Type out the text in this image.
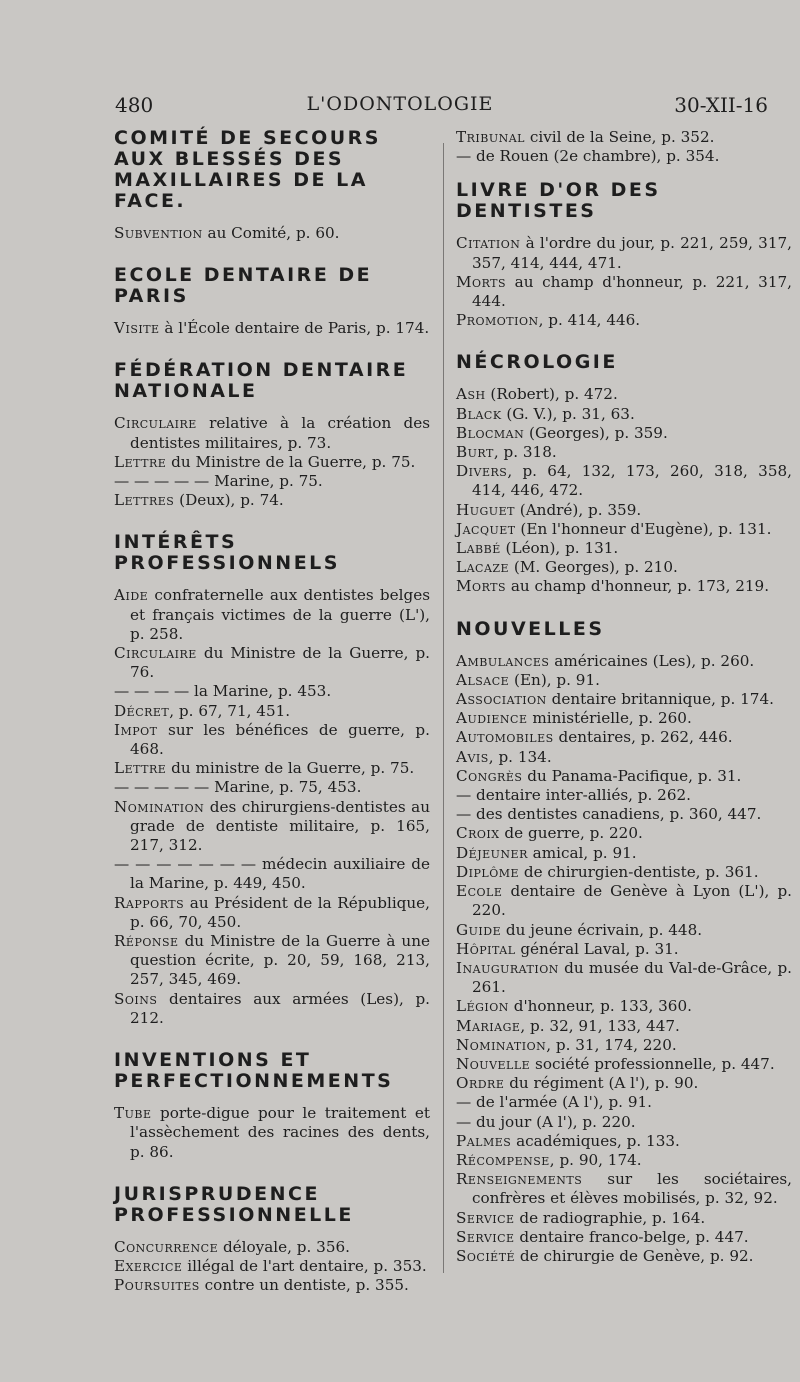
480	L'ODONTOLOGIE	30-XII-16
COMITÉ DE SECOURS AUX BLESSÉS DES MAXILLAIRES DE LA FACE.
Subvention au Comité, p. 60.
ECOLE DENTAIRE DE PARIS
Visite à l'École dentaire de Paris, p. 174.
FÉDÉRATION DENTAIRE NATIONALE
Circulaire relative à la création des dentistes militaires, p. 73.
Lettre du Ministre de la Guerre, p. 75.
— — — — — Marine, p. 75.
Lettres (Deux), p. 74.
INTÉRÊTS PROFESSIONNELS
Aide confraternelle aux dentistes belges et français victimes de la guerre (L'), p. 258.
Circulaire du Ministre de la Guerre, p. 76.
— — — — la Marine, p. 453.
Décret, p. 67, 71, 451.
Impot sur les bénéfices de guerre, p. 468.
Lettre du ministre de la Guerre, p. 75.
— — — — — Marine, p. 75, 453.
Nomination des chirurgiens-dentistes au grade de dentiste militaire, p. 165, 217, 312.
— — — — — — — médecin auxiliaire de la Marine, p. 449, 450.
Rapports au Président de la République, p. 66, 70, 450.
Réponse du Ministre de la Guerre à une question écrite, p. 20, 59, 168, 213, 257, 345, 469.
Soins dentaires aux armées (Les), p. 212.
INVENTIONS ET PERFECTIONNEMENTS
Tube porte-digue pour le traitement et l'assèchement des racines des dents, p. 86.
JURISPRUDENCE PROFESSIONNELLE
Concurrence déloyale, p. 356.
Exercice illégal de l'art dentaire, p. 353.
Poursuites contre un dentiste, p. 355.
Tribunal civil de la Seine, p. 352.
— de Rouen (2e chambre), p. 354.
LIVRE D'OR DES DENTISTES
Citation à l'ordre du jour, p. 221, 259, 317, 357, 414, 444, 471.
Morts au champ d'honneur, p. 221, 317, 444.
Promotion, p. 414, 446.
NÉCROLOGIE
Ash (Robert), p. 472.
Black (G. V.), p. 31, 63.
Blocman (Georges), p. 359.
Burt, p. 318.
Divers, p. 64, 132, 173, 260, 318, 358, 414, 446, 472.
Huguet (André), p. 359.
Jacquet (En l'honneur d'Eugène), p. 131.
Labbé (Léon), p. 131.
Lacaze (M. Georges), p. 210.
Morts au champ d'honneur, p. 173, 219.
NOUVELLES
Ambulances américaines (Les), p. 260.
Alsace (En), p. 91.
Association dentaire britannique, p. 174.
Audience ministérielle, p. 260.
Automobiles dentaires, p. 262, 446.
Avis, p. 134.
Congrès du Panama-Pacifique, p. 31.
— dentaire inter-alliés, p. 262.
— des dentistes canadiens, p. 360, 447.
Croix de guerre, p. 220.
Déjeuner amical, p. 91.
Diplôme de chirurgien-dentiste, p. 361.
Ecole dentaire de Genève à Lyon (L'), p. 220.
Guide du jeune écrivain, p. 448.
Hôpital général Laval, p. 31.
Inauguration du musée du Val-de-Grâce, p. 261.
Légion d'honneur, p. 133, 360.
Mariage, p. 32, 91, 133, 447.
Nomination, p. 31, 174, 220.
Nouvelle société professionnelle, p. 447.
Ordre du régiment (A l'), p. 90.
— de l'armée (A l'), p. 91.
— du jour (A l'), p. 220.
Palmes académiques, p. 133.
Récompense, p. 90, 174.
Renseignements sur les sociétaires, confrères et élèves mobilisés, p. 32, 92.
Service de radiographie, p. 164.
Service dentaire franco-belge, p. 447.
Société de chirurgie de Genève, p. 92.
